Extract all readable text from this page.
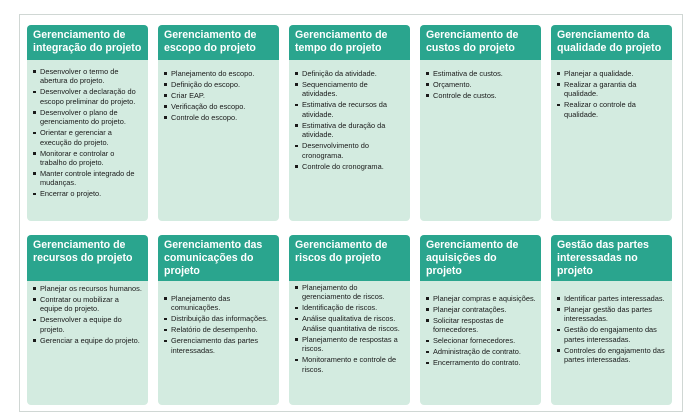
Gerenciamento de
integração do projeto
Desenvolver o termo de abertura do projeto.
Desenvolver a declaração do escopo preliminar do projeto.
Desenvolver o plano de gerenciamento do projeto.
Orientar e gerenciar a execução do projeto.
Monitorar e controlar o trabalho do projeto.
Manter controle integrado de mudanças.
Encerrar o projeto.
Gerenciamento de
escopo do projeto
Planejamento do escopo.
Definição do escopo.
Criar EAP.
Verificação do escopo.
Controle do escopo.
Gerenciamento de
tempo do projeto
Definição da atividade.
Sequenciamento de atividades.
Estimativa de recursos da atividade.
Estimativa de duração da atividade.
Desenvolvimento do cronograma.
Controle do cronograma.
Gerenciamento de
custos do projeto
Estimativa de custos.
Orçamento.
Controle de custos.
Gerenciamento da
qualidade do projeto
Planejar a qualidade.
Realizar a garantia da qualidade.
Realizar o controle da qualidade.
Gerenciamento de
recursos do projeto
Planejar os recursos humanos.
Contratar ou mobilizar a equipe do projeto.
Desenvolver a equipe do projeto.
Gerenciar a equipe do projeto.
Gerenciamento das
comunicações do
projeto
Planejamento das comunicações.
Distribuição das informações.
Relatório de desempenho.
Gerenciamento das partes interessadas.
Gerenciamento de
riscos do projeto
Planejamento do gerenciamento de riscos.
Identificação de riscos.
Análise qualitativa de riscos. Análise quantitativa de riscos.
Planejamento de respostas a riscos.
Monitoramento e controle de riscos.
Gerenciamento de
aquisições do
projeto
Planejar compras e aquisições.
Planejar contratações.
Solicitar respostas de fornecedores.
Selecionar fornecedores.
Administração de contrato.
Encerramento do contrato.
Gestão das partes
interessadas no
projeto
Identificar partes interessadas.
Planejar gestão das partes interessadas.
Gestão do engajamento das partes interessadas.
Controles do engajamento das partes interessadas.
